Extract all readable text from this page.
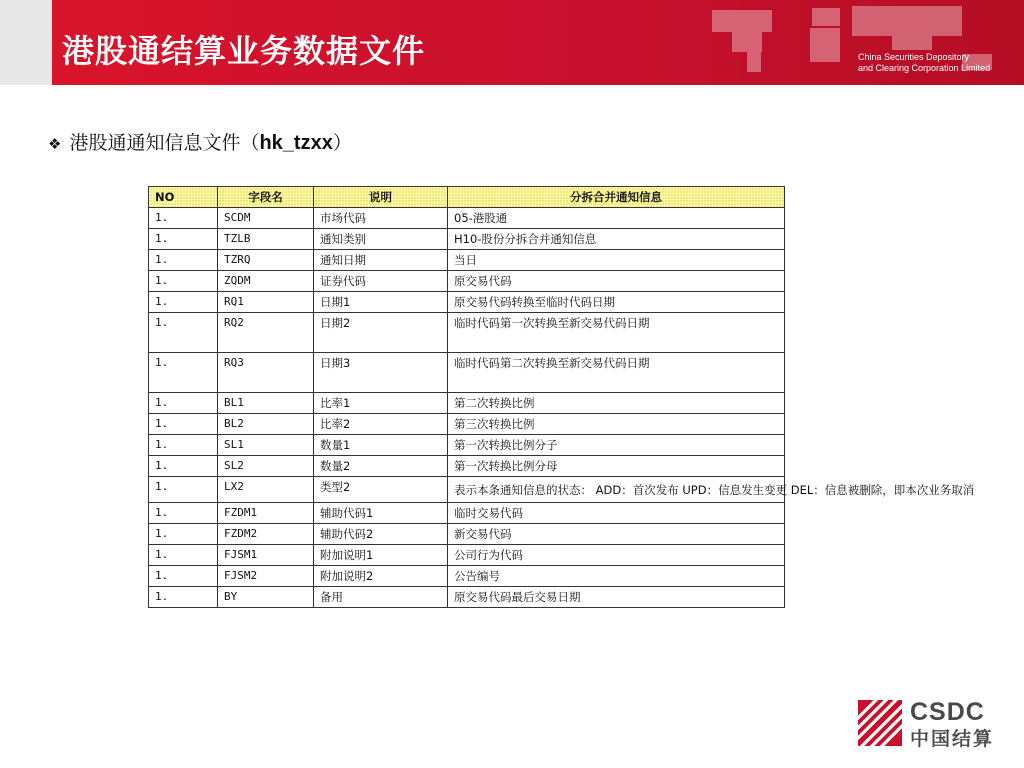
China Securities Depository
and Clearing Corporation Limited
港股通结算业务数据文件
❖ 港股通通知信息文件（hk_tzxx）
NO	字段名	说明	分拆合并通知信息
1.	SCDM	市场代码	05-港股通
1.	TZLB	通知类别	H10-股份分拆合并通知信息
1.	TZRQ	通知日期	当日
1.	ZQDM	证券代码	原交易代码
1.	RQ1	日期1	原交易代码转换至临时代码日期
1.	RQ2	日期2	临时代码第一次转换至新交易代码日期
1.	RQ3	日期3	临时代码第二次转换至新交易代码日期
1.	BL1	比率1	第二次转换比例
1.	BL2	比率2	第三次转换比例
1.	SL1	数量1	第一次转换比例分子
1.	SL2	数量2	第一次转换比例分母
1.	LX2	类型2	表示本条通知信息的状态： ADD：首次发布 UPD：信息发生变更 DEL：信息被删除，即本次业务取消
1.	FZDM1	辅助代码1	临时交易代码
1.	FZDM2	辅助代码2	新交易代码
1.	FJSM1	附加说明1	公司行为代码
1.	FJSM2	附加说明2	公告编号
1.	BY	备用	原交易代码最后交易日期
CSDC
中国结算
